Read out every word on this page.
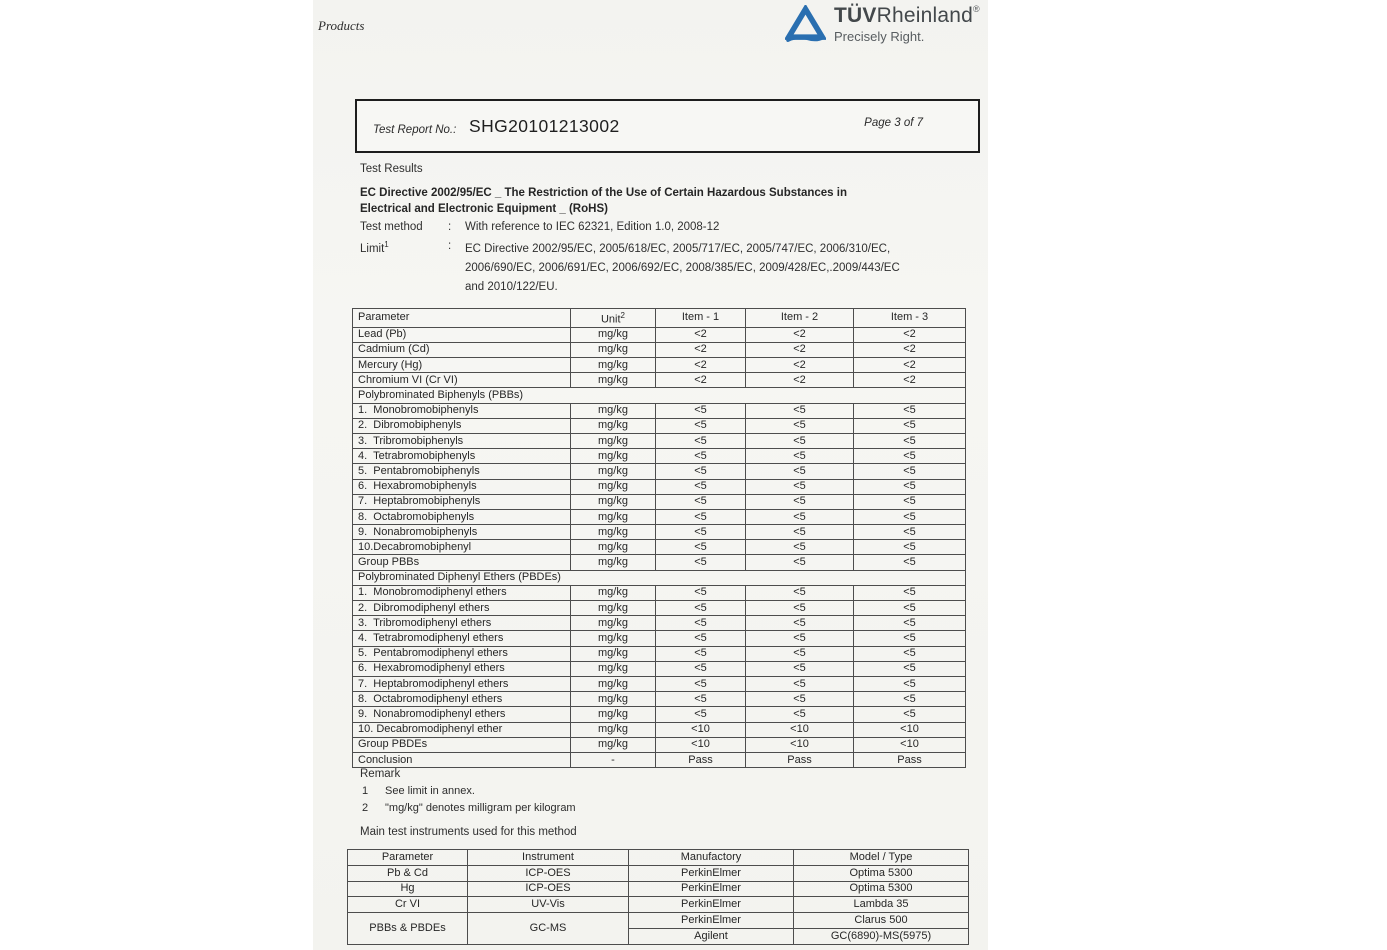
Products	TÜVRheinland®
Precisely Right.
Test Report No.: SHG20101213002	Page 3 of 7
Test Results
EC Directive 2002/95/EC _ The Restriction of the Use of Certain Hazardous Substances in
Electrical and Electronic Equipment _ (RoHS)
Test method : With reference to IEC 62321, Edition 1.0, 2008-12
Limit$^1$	: EC Directive 2002/95/EC, 2005/618/EC, 2005/717/EC, 2005/747/EC, 2006/310/EC,
2006/690/EC, 2006/691/EC, 2006/692/EC, 2008/385/EC, 2009/428/EC,.2009/443/EC
and 2010/122/EU.
Parameter	Unit$^2$	Item - 1	Item - 2	Item - 3
Lead (Pb)	mg/kg	<2	<2	<2
Cadmium (Cd)	mg/kg	<2	<2	<2
Mercury (Hg)	mg/kg	<2	<2	<2
Chromium VI (Cr VI)	mg/kg	<2	<2	<2
Polybrominated Biphenyls (PBBs)				
1.  Monobromobiphenyls	mg/kg	<5	<5	<5
2.  Dibromobiphenyls	mg/kg	<5	<5	<5
3.  Tribromobiphenyls	mg/kg	<5	<5	<5
4.  Tetrabromobiphenyls	mg/kg	<5	<5	<5
5.  Pentabromobiphenyls	mg/kg	<5	<5	<5
6.  Hexabromobiphenyls	mg/kg	<5	<5	<5
7.  Heptabromobiphenyls	mg/kg	<5	<5	<5
8.  Octabromobiphenyls	mg/kg	<5	<5	<5
9.  Nonabromobiphenyls	mg/kg	<5	<5	<5
10.Decabromobiphenyl	mg/kg	<5	<5	<5
Group PBBs	mg/kg	<5	<5	<5
Polybrominated Diphenyl Ethers (PBDEs)				
1.  Monobromodiphenyl ethers	mg/kg	<5	<5	<5
2.  Dibromodiphenyl ethers	mg/kg	<5	<5	<5
3.  Tribromodiphenyl ethers	mg/kg	<5	<5	<5
4.  Tetrabromodiphenyl ethers	mg/kg	<5	<5	<5
5.  Pentabromodiphenyl ethers	mg/kg	<5	<5	<5
6.  Hexabromodiphenyl ethers	mg/kg	<5	<5	<5
7.  Heptabromodiphenyl ethers	mg/kg	<5	<5	<5
8.  Octabromodiphenyl ethers	mg/kg	<5	<5	<5
9.  Nonabromodiphenyl ethers	mg/kg	<5	<5	<5
10. Decabromodiphenyl ether	mg/kg	<10	<10	<10
Group PBDEs	mg/kg	<10	<10	<10
Conclusion	-	Pass	Pass	Pass
Remark
1 See limit in annex.
2 "mg/kg" denotes milligram per kilogram
Main test instruments used for this method
Parameter	Instrument	Manufactory	Model / Type
Pb & Cd	ICP-OES	PerkinElmer	Optima 5300
Hg	ICP-OES	PerkinElmer	Optima 5300
Cr VI	UV-Vis	PerkinElmer	Lambda 35
PBBs & PBDEs	GC-MS	PerkinElmer	Clarus 500
		Agilent	GC(6890)-MS(5975)
